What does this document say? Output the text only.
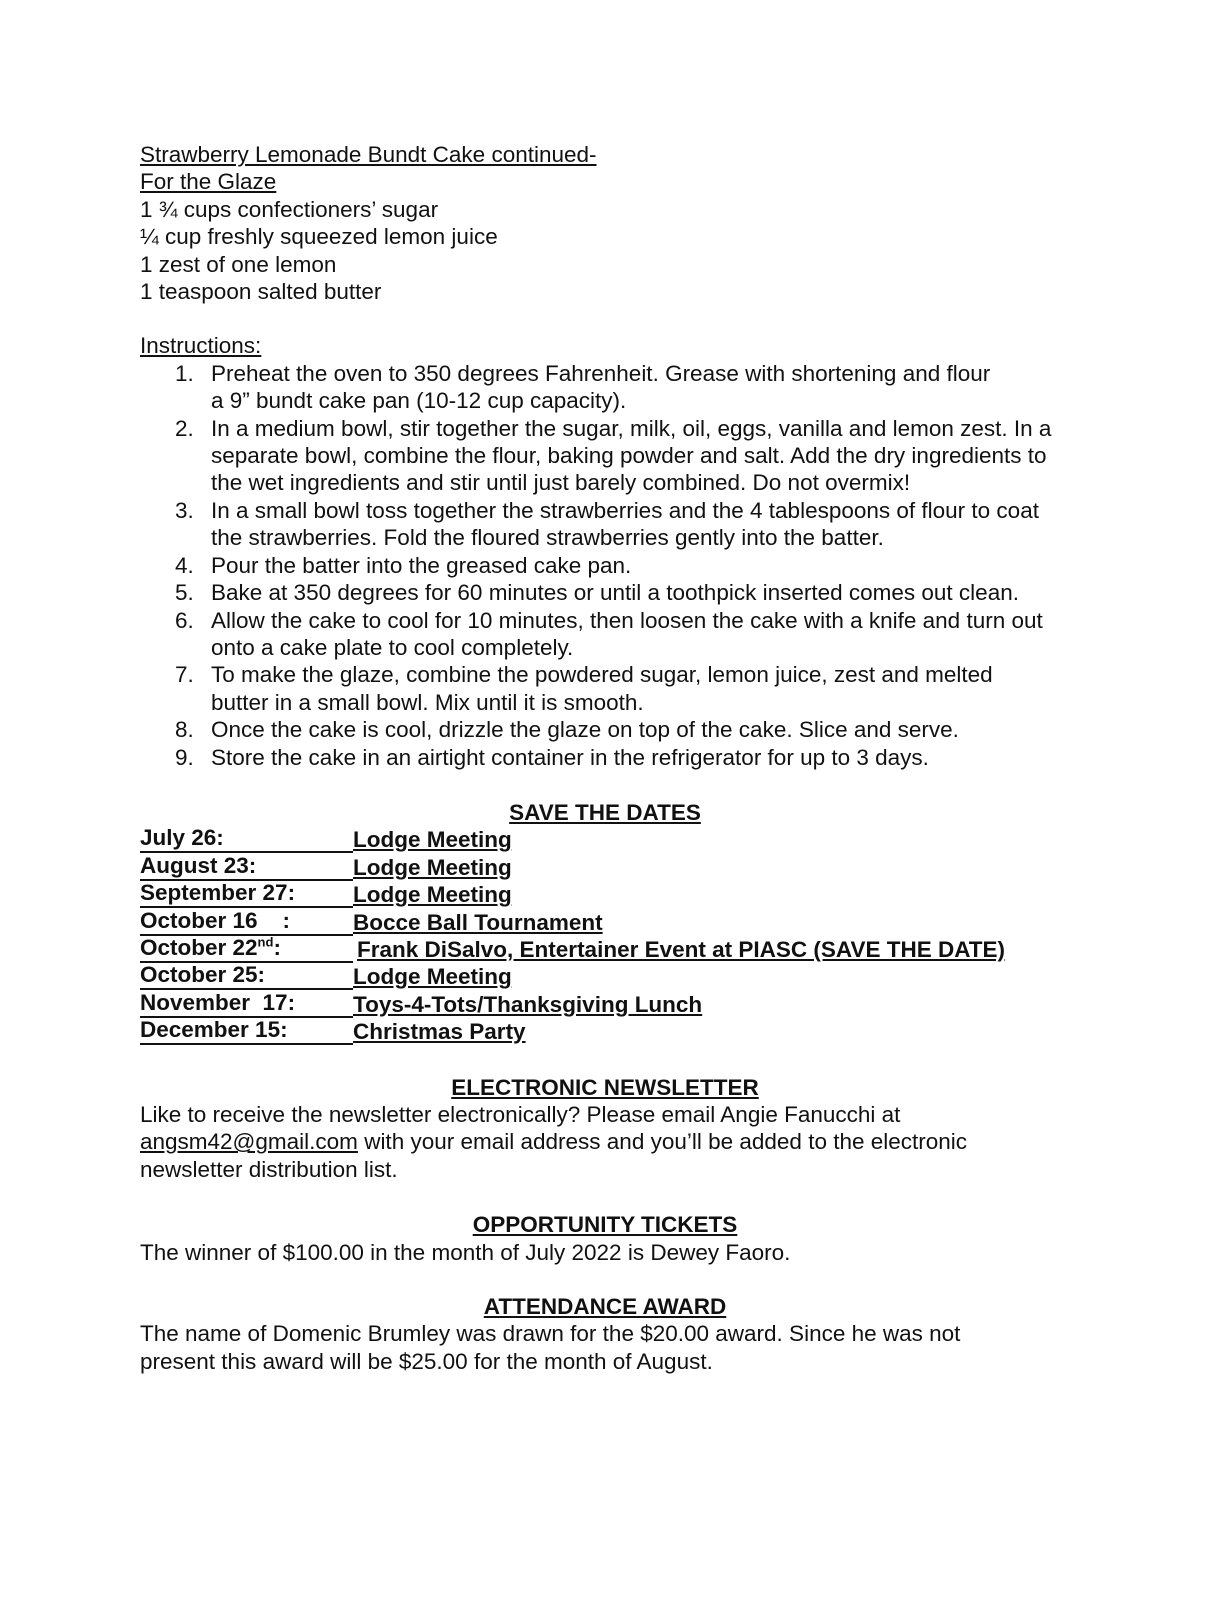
Strawberry Lemonade Bundt Cake continued-
For the Glaze
1 ¾ cups confectioners’ sugar
¼ cup freshly squeezed lemon juice
1 zest of one lemon
1 teaspoon salted butter
Instructions:
Preheat the oven to 350 degrees Fahrenheit. Grease with shortening and flour a 9” bundt cake pan (10-12 cup capacity).
In a medium bowl, stir together the sugar, milk, oil, eggs, vanilla and lemon zest. In a separate bowl, combine the flour, baking powder and salt. Add the dry ingredients to the wet ingredients and stir until just barely combined. Do not overmix!
In a small bowl toss together the strawberries and the 4 tablespoons of flour to coat the strawberries. Fold the floured strawberries gently into the batter.
Pour the batter into the greased cake pan.
Bake at 350 degrees for 60 minutes or until a toothpick inserted comes out clean.
Allow the cake to cool for 10 minutes, then loosen the cake with a knife and turn out onto a cake plate to cool completely.
To make the glaze, combine the powdered sugar, lemon juice, zest and melted butter in a small bowl. Mix until it is smooth.
Once the cake is cool, drizzle the glaze on top of the cake. Slice and serve.
Store the cake in an airtight container in the refrigerator for up to 3 days.
SAVE THE DATES
July 26:	Lodge Meeting
August 23:	Lodge Meeting
September 27:	Lodge Meeting
October 16    :	Bocce Ball Tournament
October 22nd:	Frank DiSalvo, Entertainer Event at PIASC (SAVE THE DATE)
October 25:	Lodge Meeting
November  17:	Toys-4-Tots/Thanksgiving Lunch
December 15:	Christmas Party
ELECTRONIC NEWSLETTER

Like to receive the newsletter electronically? Please email Angie Fanucchi at angsm42@gmail.com with your email address and you’ll be added to the electronic newsletter distribution list.

OPPORTUNITY TICKETS

The winner of $100.00 in the month of July 2022 is Dewey Faoro.

ATTENDANCE AWARD

The name of Domenic Brumley was drawn for the $20.00 award. Since he was not present this award will be $25.00 for the month of August.
